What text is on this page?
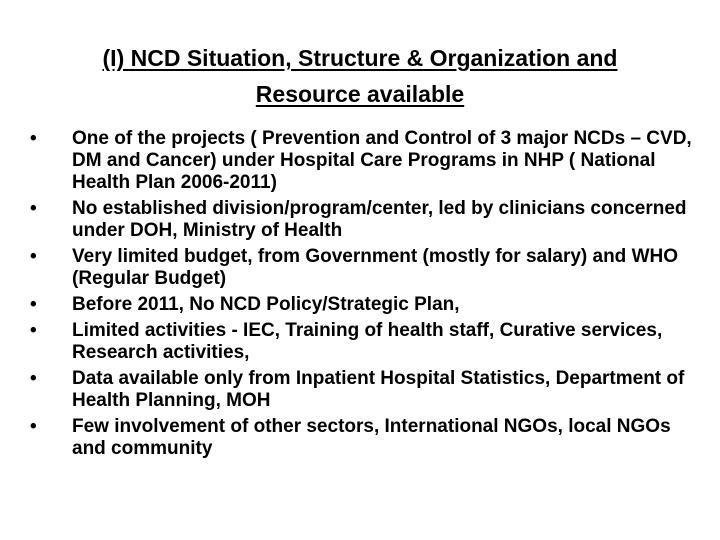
(I) NCD Situation, Structure & Organization and
Resource available
• One of the projects ( Prevention and Control of 3 major NCDs – CVD, DM and Cancer) under Hospital Care Programs in NHP ( National Health Plan 2006-2011)
• No established division/program/center, led by clinicians concerned under DOH, Ministry of Health
• Very limited budget, from Government (mostly for salary) and WHO (Regular Budget)
• Before 2011, No NCD Policy/Strategic Plan,
• Limited activities - IEC, Training of health staff, Curative services, Research activities,
• Data available only from Inpatient Hospital Statistics, Department of Health Planning, MOH
• Few involvement of other sectors, International NGOs, local NGOs and community
